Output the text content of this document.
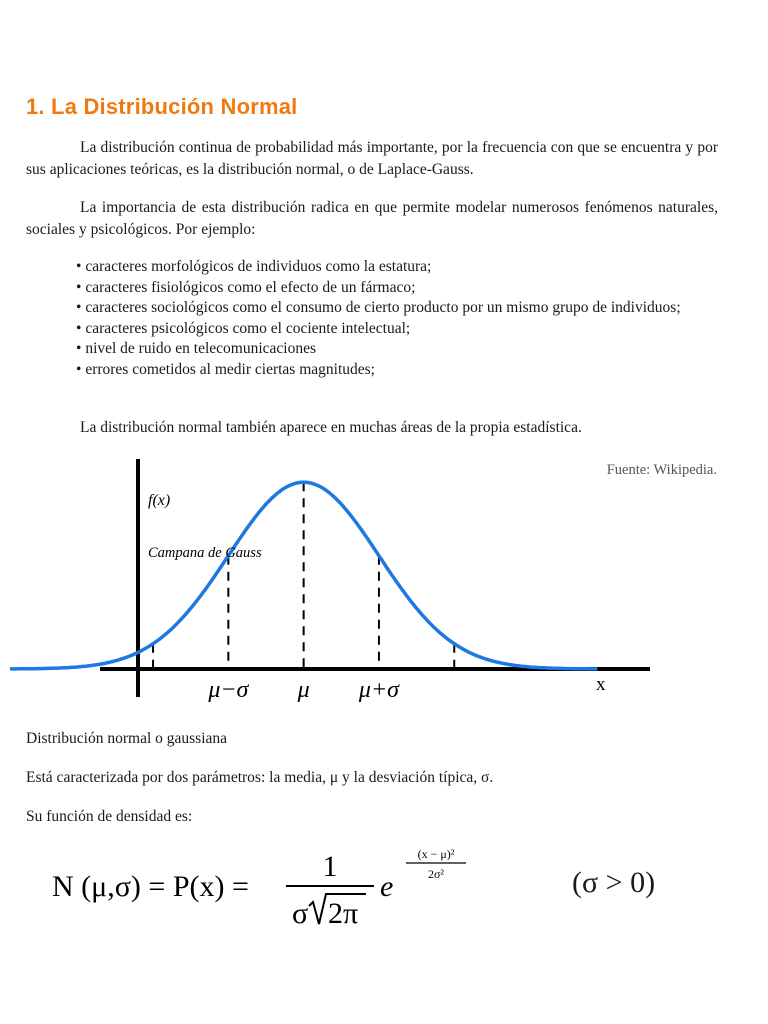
1. La Distribución Normal

La distribución continua de probabilidad más importante, por la frecuencia con que se encuentra y por sus aplicaciones teóricas, es la distribución normal, o de Laplace-Gauss.

La importancia de esta distribución radica en que permite modelar numerosos fenómenos naturales, sociales y psicológicos. Por ejemplo:

• caracteres morfológicos de individuos como la estatura;
• caracteres fisiológicos como el efecto de un fármaco;
• caracteres sociológicos como el consumo de cierto producto por un mismo grupo de individuos;
• caracteres psicológicos como el cociente intelectual;
• nivel de ruido en telecomunicaciones
• errores cometidos al medir ciertas magnitudes;

La distribución normal también aparece en muchas áreas de la propia estadística.

μ−σ μ μ+σ
f(x)
x
Campana de Gauss
Fuente: Wikipedia.

Distribución normal o gaussiana

Está caracterizada por dos parámetros: la media, μ y la desviación típica, σ.

Su función de densidad es:

N (μ,σ) = P(x) =
1
σ 2π
e
(x − μ)²
2σ²	(σ > 0)
